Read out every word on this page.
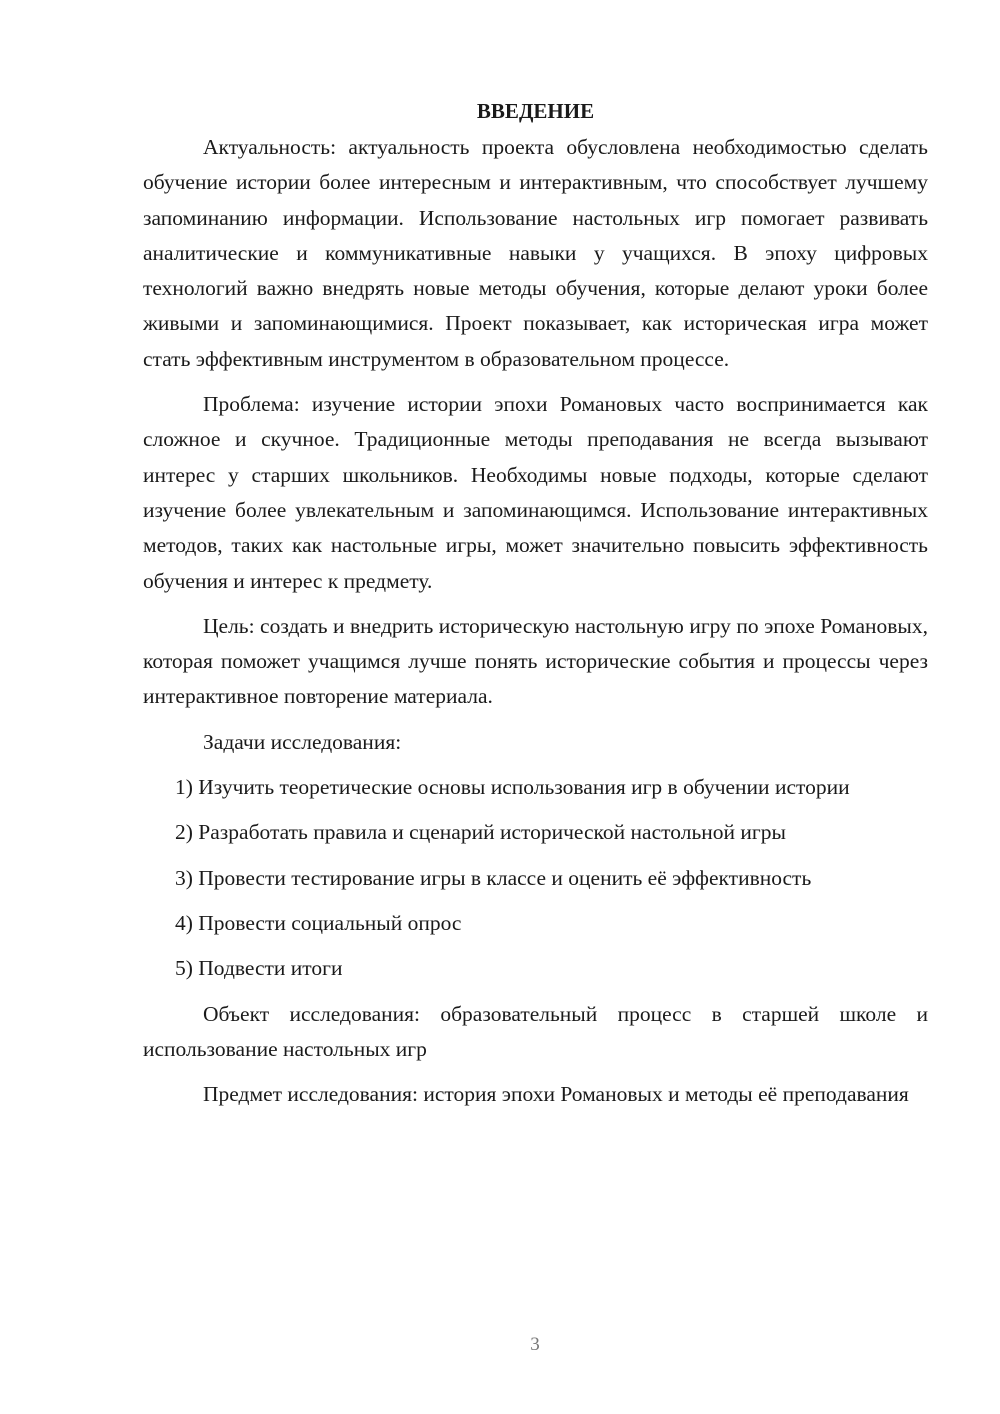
ВВЕДЕНИЕ

Актуальность: актуальность проекта обусловлена необходимостью сделать обучение истории более интересным и интерактивным, что способствует лучшему запоминанию информации. Использование настольных игр помогает развивать аналитические и коммуникативные навыки у учащихся. В эпоху цифровых технологий важно внедрять новые методы обучения, которые делают уроки более живыми и запоминающимися. Проект показывает, как историческая игра может стать эффективным инструментом в образовательном процессе.

Проблема: изучение истории эпохи Романовых часто воспринимается как сложное и скучное. Традиционные методы преподавания не всегда вызывают интерес у старших школьников. Необходимы новые подходы, которые сделают изучение более увлекательным и запоминающимся. Использование интерактивных методов, таких как настольные игры, может значительно повысить эффективность обучения и интерес к предмету.

Цель: создать и внедрить историческую настольную игру по эпохе Романовых, которая поможет учащимся лучше понять исторические события и процессы через интерактивное повторение материала.

Задачи исследования:

1) Изучить теоретические основы использования игр в обучении истории

2) Разработать правила и сценарий исторической настольной игры

3) Провести тестирование игры в классе и оценить её эффективность

4) Провести социальный опрос

5) Подвести итоги

Объект исследования: образовательный процесс в старшей школе и использование настольных игр

Предмет исследования: история эпохи Романовых и методы её преподавания

3
